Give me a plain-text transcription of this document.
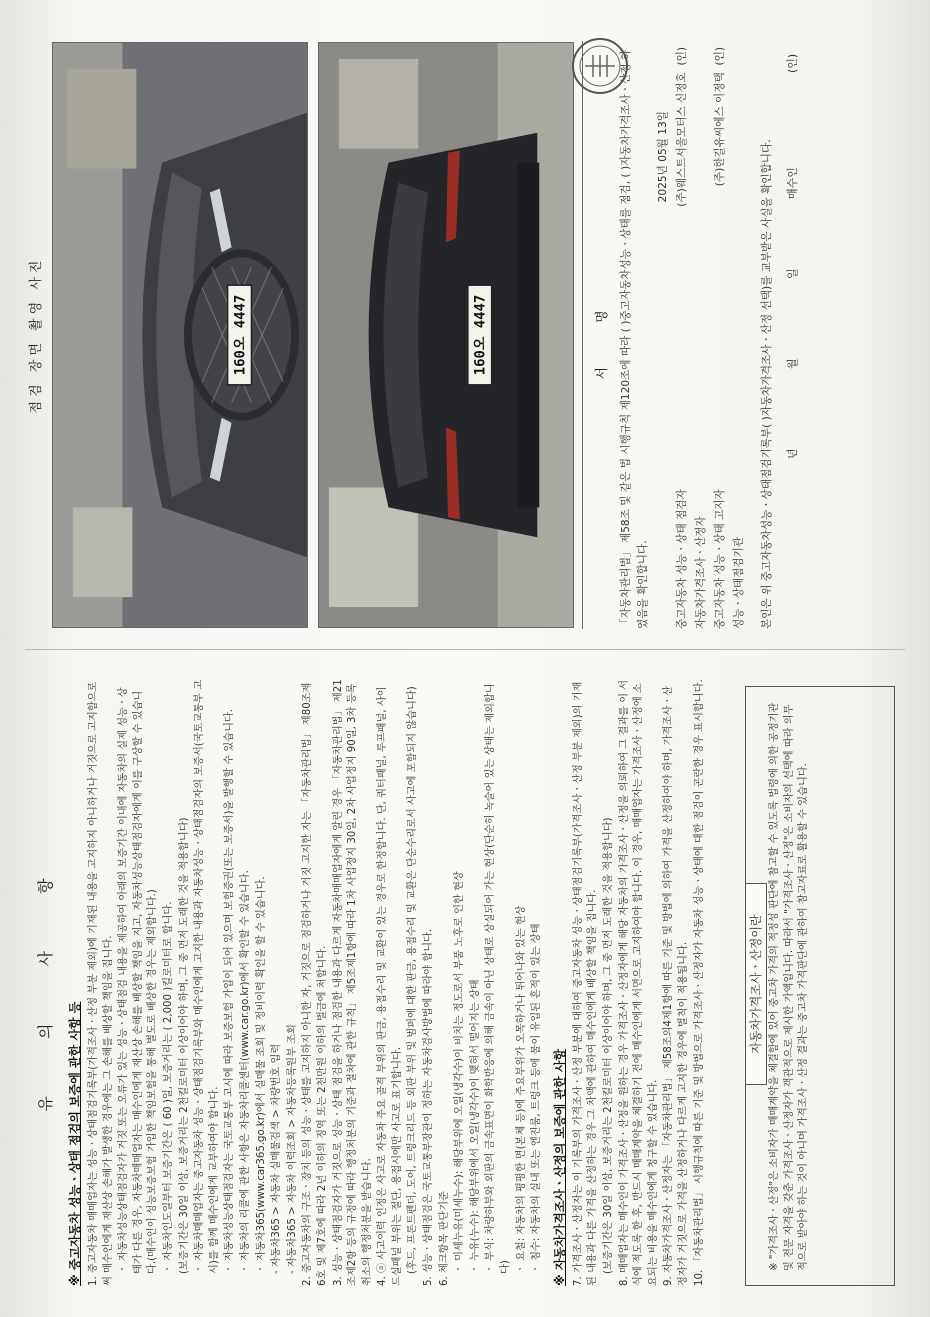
유 의 사 항
※ 중고자동차 성능ㆍ상태 점검의 보증에 관한 사항 등 1. 중고자동차 매매업자는 성능ㆍ상태점검기록부(가격조사ㆍ산정 부분 제외)에 기재된 내용을 고지하지 아니하거나 거짓으로 고지함으로써 매수인에게 재산상 손해가 발생한 경우에는 그 손해를 배상할 책임을 집니다. ㆍ 자동차성능상태점검자가 거짓 또는 오류가 있는 성능ㆍ상태점검 내용을 제공하여 아래의 보증기간 이내에 자동차의 실제 성능ㆍ상태가 다른 경우, 자동차매매업자는 매수인에게 재산상 손해를 배상할 책임을 지고, 자동차성능상태점검자에게 이를 구상할 수 있습니다.(매수인이 성능보증보험 가입한 책임보험을 통해 별도로 배상한 경우는 제외합니다.) ㆍ 자동차인도일부터 보증기간은 ( 60 )일, 보증거리는 ( 2,000 )킬로미터로 합니다. (보증기간은 30일 이상, 보증거리는 2천킬로미터 이상이어야 하며, 그 중 먼저 도래한 것을 적용합니다) ㆍ 자동차매매업자는 중고자동차 성능ㆍ상태점검기록부와 매수인에게 고지한 내용과 자동차성능ㆍ상태점검자의 보증서(국토교통부 고시)를 함께 매수인에게 교부하여야 합니다. ㆍ 자동차성능상태점검자는 국토교통부 고시에 따라 보증보험 가입이 되어 있으며 보험증권(또는 보증서)을 발행할 수 있습니다. ㆍ 자동차의 리콜에 관한 사항은 자동차리콜센터(www.car.go.kr)에서 확인할 수 있습니다. ㆍ 자동차365(www.car365.go.kr)에서 실매물 조회 및 정비이력 확인을 할 수 있습니다. - 자동차365 > 자동차 실매물검색 > 차량번호 입력 - 자동차365 > 자동차 이력조회 > 자동차등록원부 조회 2. 중고자동차의 구조ㆍ장치 등의 성능ㆍ상태를 고지하지 아니한 자, 거짓으로 점검하거나 거짓 고지한 자는 「자동차관리법」 제80조제6호 및 제7호에 따라 2년 이하의 징역 또는 2천만원 이하의 벌금에 처합니다. 3. 성능ㆍ상태점검자가 거짓으로 성능ㆍ상태 점검을 하거나 점검한 내용과 다르게 자동차매매업자에게 알린 경우 「자동차관리법」 제21조제2항 등의 규정에 따라 행정처분의 기준과 절차에 관한 규칙」 제5조제1항에 따라 1차 사업정지 30일, 2차 사업정지 90일, 3차 등록취소의 행정처분을 받습니다. 4. ⓐ 사고이력 인정은 사고로 자동차 주요 골격 부위의 판금, 용접수리 및 교환이 있는 경우로 한정합니다. 단, 쿼터패널, 루프패널, 사이드실패널 부위는 절단, 용접시에만 사고로 표기합니다. (후드, 프론트펜더, 도어, 트렁크리드 등 외판 부위 및 범퍼에 대한 판금, 용접수리 및 교환은 단순수리로서 사고에 포함되지 않습니다) 5. 성능ㆍ상태점검은 국토교통부장관이 정하는 자동차검사방법에 따라야 합니다. 6. 체크항목 판단기준 ㆍ 미세누유(미세누수): 해당부위에 오일(냉각수)이 비치는 정도로서 부품 노후로 인한 현상 ㆍ 누유(누수): 해당부위에서 오일(냉각수)이 맺혀서 떨어지는 상태 ㆍ 부식: 차량하부와 외판의 금속표면이 화학반응에 의해 금속이 아닌 상태로 상실되어 가는 현상(단순히 녹슬어 있는 상태는 제외합니다) ㆍ 요철: 자동차의 평평한 면(본체 등)에 주요부위가 오목하거나 튀어나와 있는 현상 ㆍ 침수: 자동차의 실내 또는 엔진룸, 트렁크 등에 물이 유입된 흔적이 있는 상태 ※ 자동차가격조사ㆍ산정의 보증에 관한 사항 7. 가격조사ㆍ산정자는 이 기록부의 가격조사ㆍ산정 부분에 대하여 중고자동차 성능ㆍ상태점검기록부(가격조사ㆍ산정 부분 제외)의 기재된 내용과 다른 가격을 산정하는 경우 그 차액에 관하여 매수인에게 배상할 책임을 집니다. (보증기간은 30일 이상, 보증거리는 2천킬로미터 이상이어야 하며, 그 중 먼저 도래한 것을 적용합니다) 8. 매매업자는 매수인이 가격조사ㆍ산정을 원하는 경우 가격조사ㆍ산정자에게 해당 자동차의 가격조사ㆍ산정을 의뢰하여 그 결과를 이 서식에 적도록 한 후, 반드시 매매계약을 체결하기 전에 매수인에게 서면으로 고지하여야 합니다. 이 경우, 매매업자는 가격조사ㆍ산정에 소요되는 비용을 매수인에게 청구할 수 있습니다. 9. 자동차가격조사ㆍ산정자는 「자동차관리법」 제58조의4제1항에 따른 기준 및 방법에 의하여 가격을 산정하여야 하며, 가격조사ㆍ산정자가 거짓으로 가격을 산정하거나 다르게 고지한 경우에 벌칙이 적용됩니다. 10. 「자동차관리법」 시행규칙에 따른 기준 및 방법으로 가격조사ㆍ산정자가 자동차 성능ㆍ상태에 대한 점검이 곤란한 경우 표시합니다.	자동차가격조사ㆍ산정이란 ※ "가격조사ㆍ산정"은 소비자가 매매계약을 체결함에 있어 중고차 가격의 적정성 판단에 참고할 수 있도록 법령에 의한 공정기관 및 전문 자격을 갖춘 가격조사ㆍ산정자가 객관적으로 제시한 가액입니다. 따라서 "가격조사ㆍ산정"은 소비자의 선택에 따라 의무적으로 받아야 하는 것이 아니며 가격조사ㆍ산정 결과는 중고차 가격판단에 관하여 참고자료로 활용할 수 있습니다.
점검 장면 촬영 사진	160오 4447	160오 4447	서 명 「자동차관리법」 제58조 및 같은 법 시행규칙 제120조에 따라 ( )중고자동차성능ㆍ상태를 점검, ( )자동차가격조사ㆍ산정 하였음을 확인합니다.
2025년 05월 13일
중고자동차 성능ㆍ상태 점검자
(주)웨스트서울모터스 신정호  (인)
자동차가격조사ㆍ산정자 중고자동차 성능ㆍ상태 고지자
(주)한길유씨에스 이정택  (인)
성능ㆍ상태점검기관	본인은 위 중고자동차성능ㆍ상태점검기록부( )자동차가격조사ㆍ산정 선택)를 교부받은 사실을 확인합니다. 년
월
일
매수인
(인)
